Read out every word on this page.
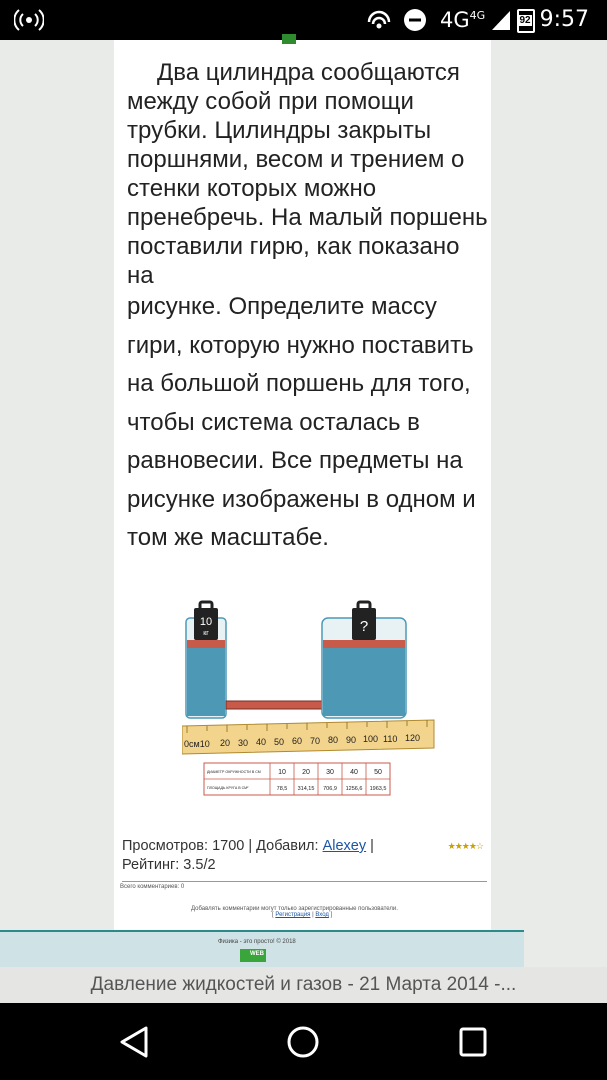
$4G^{4G}$	92 9:57
Два цилиндра сообщаются между собой при помощи трубки. Цилиндры закрыты поршнями, весом и трением о стенки которых можно пренебречь. На малый поршень поставили гирю, как показано на
рисунке. Определите массу гири, которую нужно поставить на большой поршень для того, чтобы система осталась в равновесии. Все предметы на рисунке изображены в одном и том же масштабе.
10
кг	?
0см10 20 30 40 50 60 70 80 90 100 110 120
ДИАМЕТР ОКРУЖНОСТИ В СМ
ПЛОЩАДЬ КРУГА В СМ²
10 20 30 40 50
78,5 314,15 706,9 1256,6 1963,5
Просмотров: 1700 | Добавил: Alexey |
Рейтинг: 3.5/2
★★★★☆
Всего комментариев: 0
Добавлять комментарии могут только зарегистрированные пользователи.
[ Регистрация | Вход ]
Физика - это просто! © 2018
WEB
Давление жидкостей и газов - 21 Марта 2014 -...
